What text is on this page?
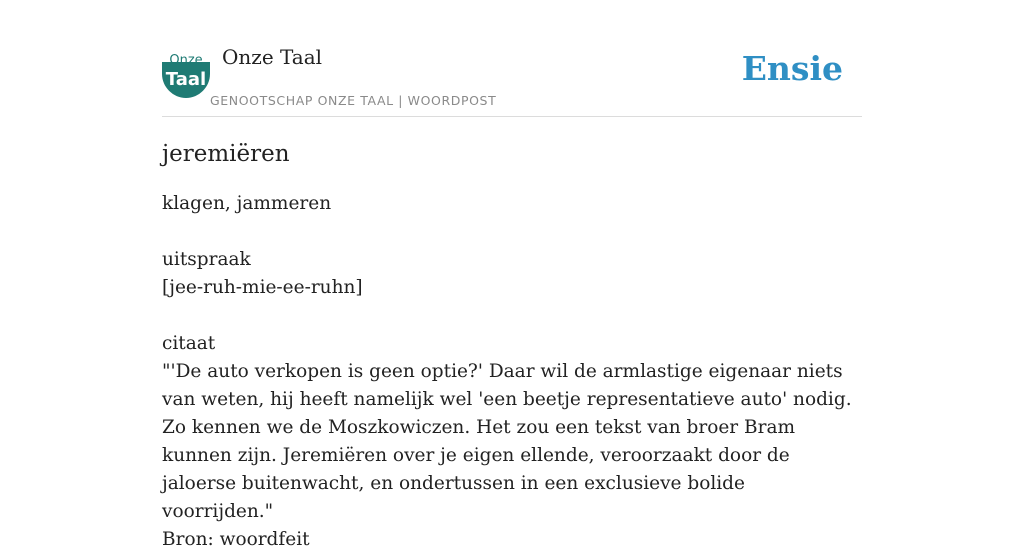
Onze
Taal
Onze Taal
GENOOTSCHAP ONZE TAAL | WOORDPOST
Ensie
jeremiëren

klagen, jammeren

uitspraak

[jee-ruh-mie-ee-ruhn]

citaat

"'De auto verkopen is geen optie?' Daar wil de armlastige eigenaar niets van weten, hij heeft namelijk wel 'een beetje representatieve auto' nodig. Zo kennen we de Moszkowiczen. Het zou een tekst van broer Bram kunnen zijn. Jeremiëren over je eigen ellende, veroorzaakt door de jaloerse buitenwacht, en ondertussen in een exclusieve bolide voorrijden."

Bron: woordfeit
